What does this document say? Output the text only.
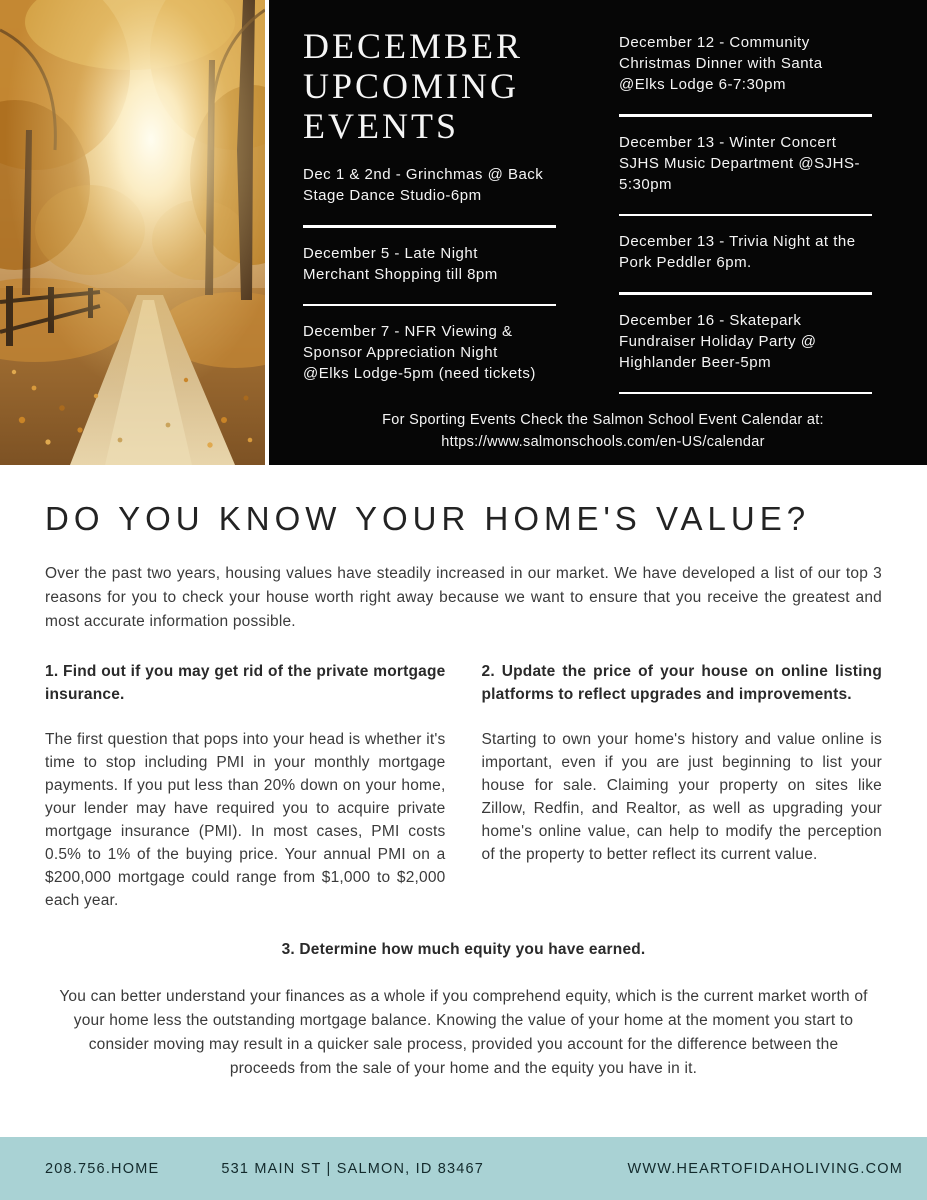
DECEMBER
UPCOMING
EVENTS

Dec 1 & 2nd - Grinchmas @ Back Stage Dance Studio-6pm

December 5 - Late Night Merchant Shopping till 8pm

December 7 - NFR Viewing & Sponsor Appreciation Night @Elks Lodge-5pm (need tickets)

December 12 - Community Christmas Dinner with Santa @Elks Lodge 6-7:30pm

December 13 - Winter Concert SJHS Music Department @SJHS-5:30pm

December 13 - Trivia Night at the Pork Peddler 6pm.

December 16 - Skatepark Fundraiser Holiday Party @ Highlander Beer-5pm

For Sporting Events Check the Salmon School Event Calendar at:
https://www.salmonschools.com/en-US/calendar
DO YOU KNOW YOUR HOME'S VALUE?

Over the past two years, housing values have steadily increased in our market. We have developed a list of our top 3 reasons for you to check your house worth right away because we want to ensure that you receive the greatest and most accurate information possible.

1. Find out if you may get rid of the private mortgage insurance.

The first question that pops into your head is whether it's time to stop including PMI in your monthly mortgage payments. If you put less than 20% down on your home, your lender may have required you to acquire private mortgage insurance (PMI). In most cases, PMI costs 0.5% to 1% of the buying price. Your annual PMI on a $200,000 mortgage could range from $1,000 to $2,000 each year.

2. Update the price of your house on online listing platforms to reflect upgrades and improvements.

Starting to own your home's history and value online is important, even if you are just beginning to list your house for sale. Claiming your property on sites like Zillow, Redfin, and Realtor, as well as upgrading your home's online value, can help to modify the perception of the property to better reflect its current value.

3. Determine how much equity you have earned.

You can better understand your finances as a whole if you comprehend equity, which is the current market worth of your home less the outstanding mortgage balance. Knowing the value of your home at the moment you start to consider moving may result in a quicker sale process, provided you account for the difference between the proceeds from the sale of your home and the equity you have in it.

208.756.HOME	531 MAIN ST | SALMON, ID 83467	WWW.HEARTOFIDAHOLIVING.COM
